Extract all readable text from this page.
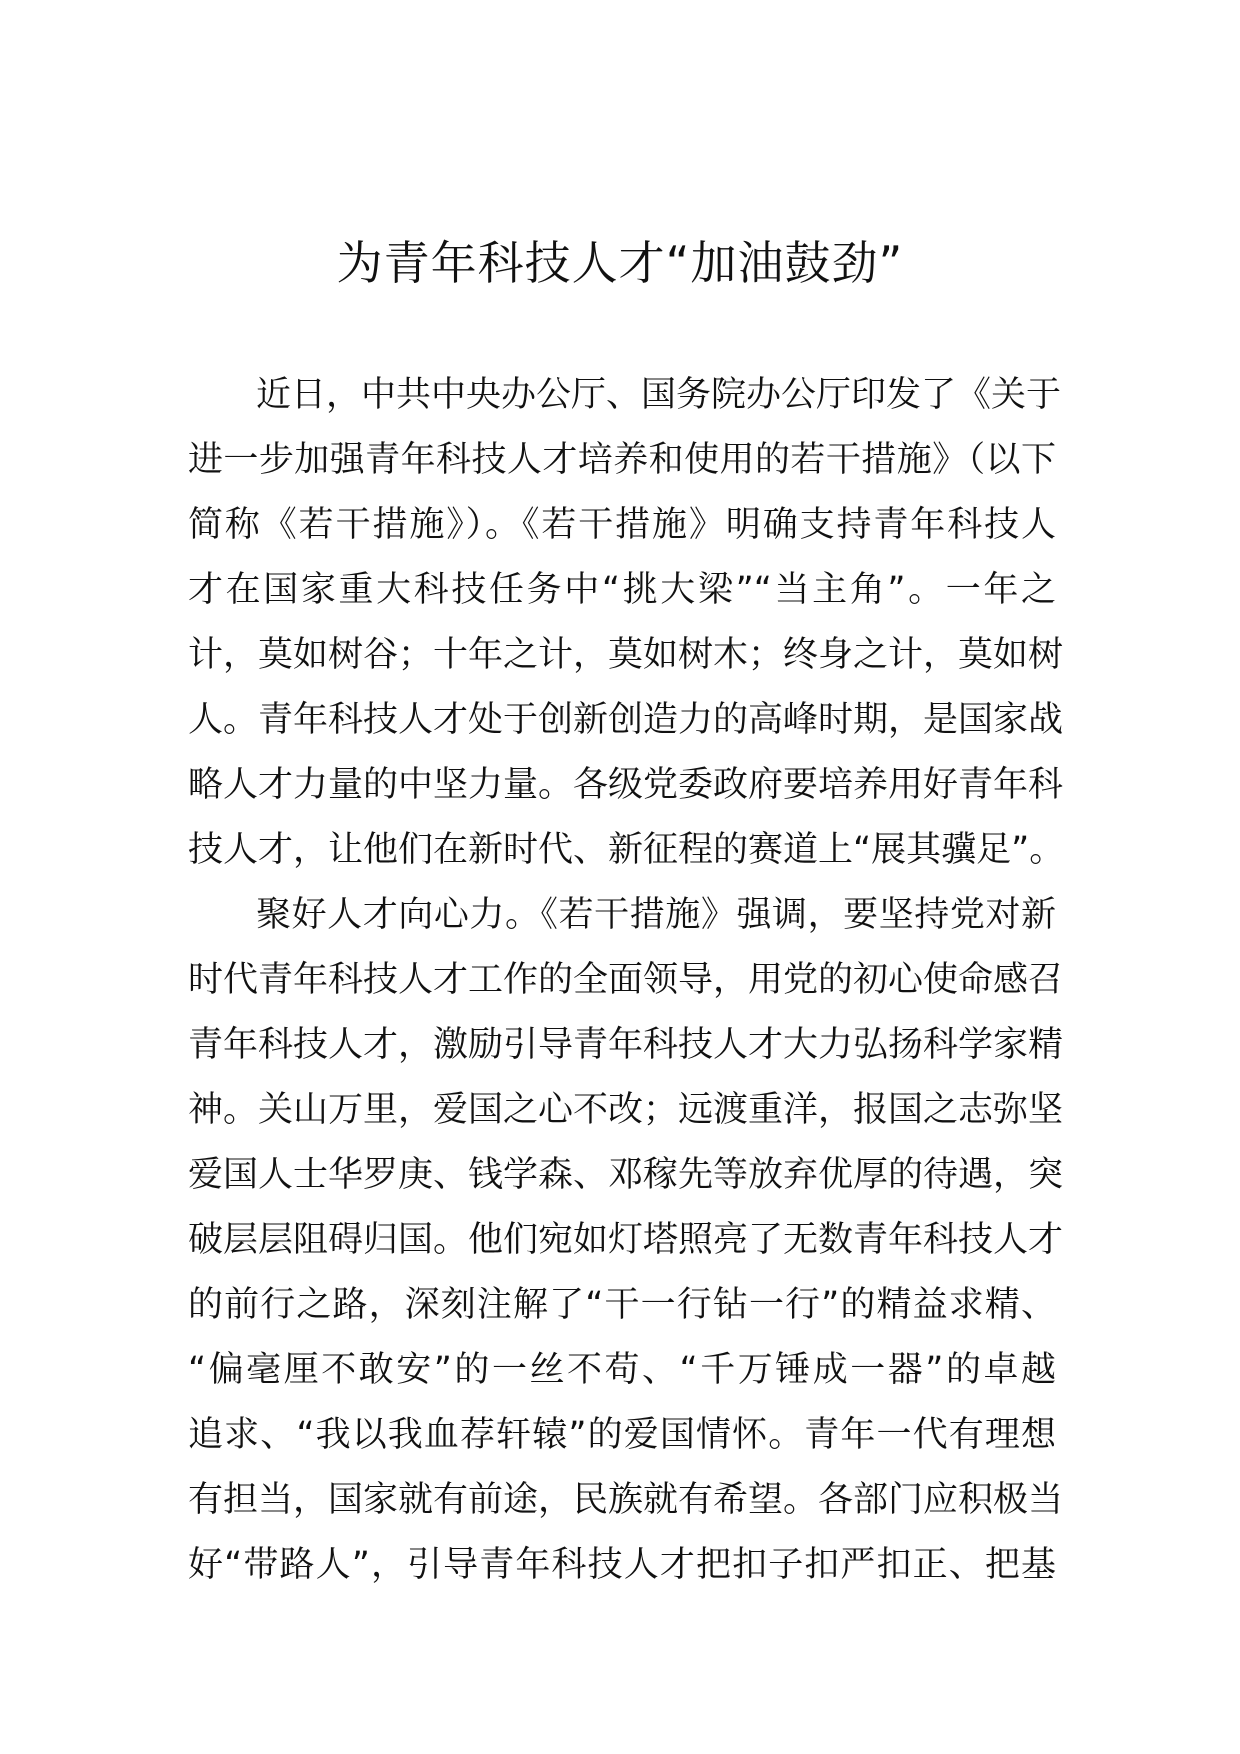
为青年科技人才“加油鼓劲”
近日，中共中央办公厅、国务院办公厅印发了《关于
进一步加强青年科技人才培养和使用的若干措施》（以下
简称《若干措施》）。《若干措施》明确支持青年科技人
才在国家重大科技任务中“挑大梁”“当主角”。一年之
计，莫如树谷；十年之计，莫如树木；终身之计，莫如树
人。青年科技人才处于创新创造力的高峰时期，是国家战
略人才力量的中坚力量。各级党委政府要培养用好青年科
技人才，让他们在新时代、新征程的赛道上“展其骥足”。
聚好人才向心力。《若干措施》强调，要坚持党对新
时代青年科技人才工作的全面领导，用党的初心使命感召
青年科技人才，激励引导青年科技人才大力弘扬科学家精
神。关山万里，爱国之心不改；远渡重洋，报国之志弥坚
爱国人士华罗庚、钱学森、邓稼先等放弃优厚的待遇，突
破层层阻碍归国。他们宛如灯塔照亮了无数青年科技人才
的前行之路，深刻注解了“干一行钻一行”的精益求精、
“偏毫厘不敢安”的一丝不苟、“千万锤成一器”的卓越
追求、“我以我血荐轩辕”的爱国情怀。青年一代有理想
有担当，国家就有前途，民族就有希望。各部门应积极当
好“带路人”，引导青年科技人才把扣子扣严扣正、把基
